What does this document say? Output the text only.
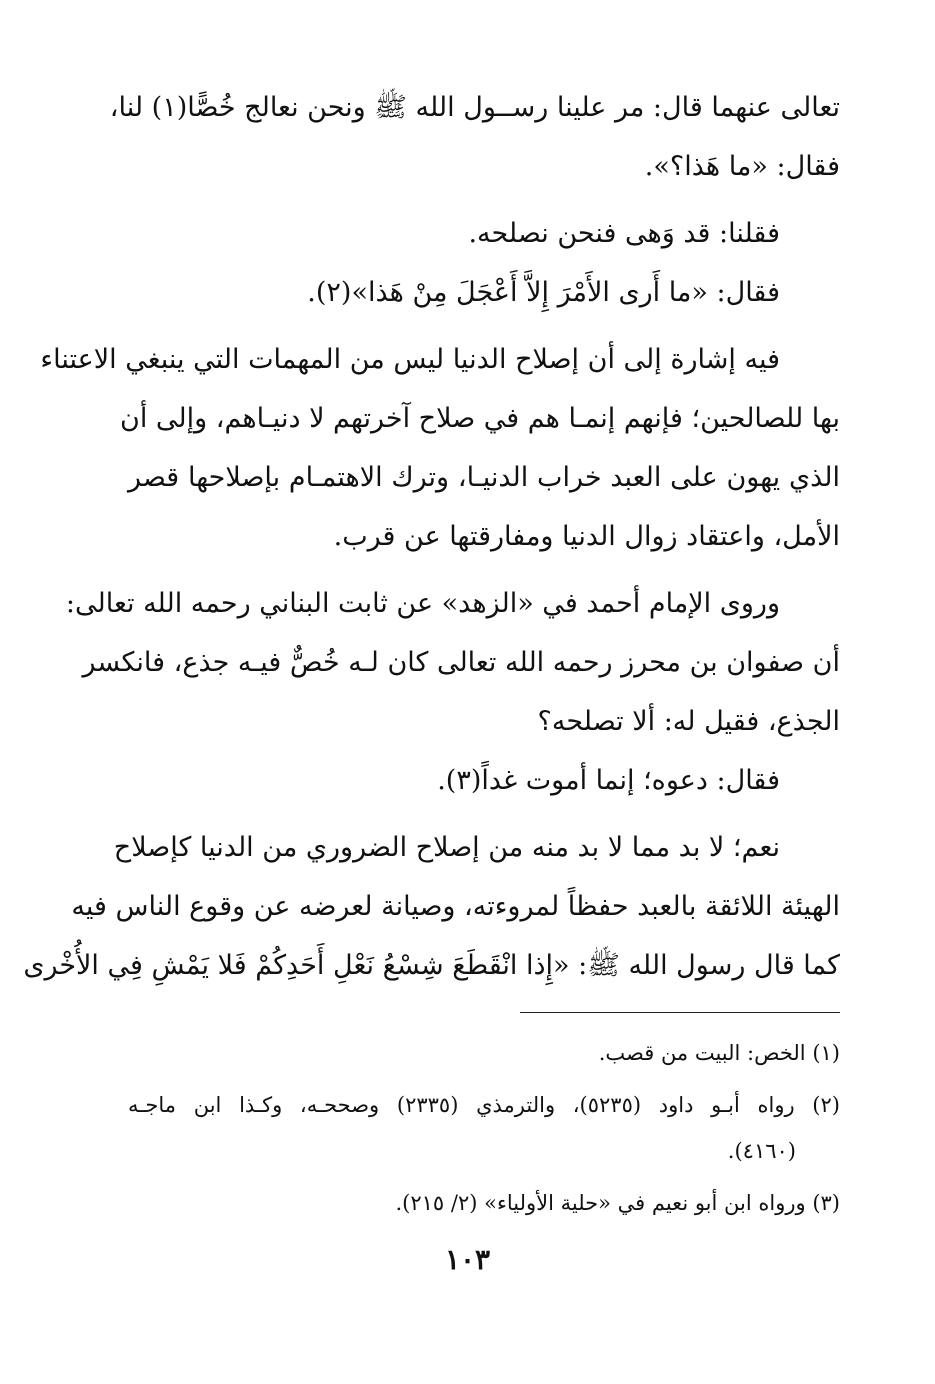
تعالى عنهما قال: مر علينا رســول الله ﷺ ونحن نعالج خُصًّا(١) لنا،
فقال: «ما هَذا؟».
فقلنا: قد وَهى فنحن نصلحه.
فقال: «ما أَرى الأَمْرَ إِلاَّ أَعْجَلَ مِنْ هَذا»(٢).
فيه إشارة إلى أن إصلاح الدنيا ليس من المهمات التي ينبغي الاعتناء
بها للصالحين؛ فإنهم إنمـا هم في صلاح آخرتهم لا دنيـاهم، وإلى أن
الذي يهون على العبد خراب الدنيـا، وترك الاهتمـام بإصلاحها قصر
الأمل، واعتقاد زوال الدنيا ومفارقتها عن قرب.
وروى الإمام أحمد في «الزهد» عن ثابت البناني رحمه الله تعالى:
أن صفوان بن محرز رحمه الله تعالى كان لـه خُصٌّ فيـه جذع، فانكسر
الجذع، فقيل له: ألا تصلحه؟
فقال: دعوه؛ إنما أموت غداً(٣).
نعم؛ لا بد مما لا بد منه من إصلاح الضروري من الدنيا كإصلاح
الهيئة اللائقة بالعبد حفظاً لمروءته، وصيانة لعرضه عن وقوع الناس فيه
كما قال رسول الله ﷺ: «إِذا انْقَطَعَ شِسْعُ نَعْلِ أَحَدِكُمْ فَلا يَمْشِ فِي الأُخْرى
(١) الخص: البيت من قصب.
(٢) رواه أبـو داود (٥٢٣٥)، والترمذي (٢٣٣٥) وصححـه، وكـذا ابن ماجـه
(٤١٦٠).
(٣) ورواه ابن أبو نعيم في «حلية الأولياء» (٢/ ٢١٥).
١٠٣
